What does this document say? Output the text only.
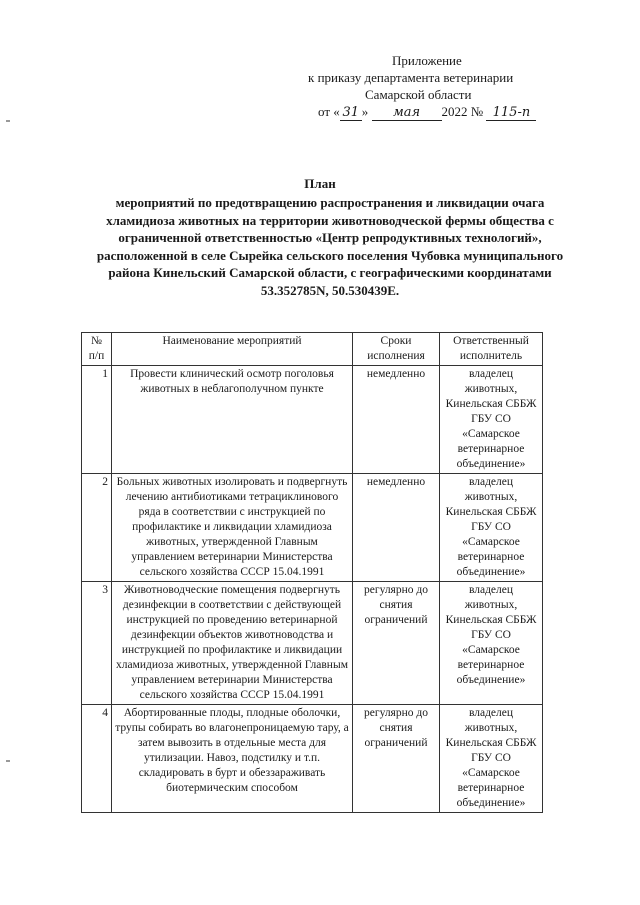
Приложение
к приказу департамента ветеринарии
Самарской области
от « 31 » мая 2022 № 115-п
План
мероприятий по предотвращению распространения и ликвидации очага хламидиоза животных на территории животноводческой фермы общества с ограниченной ответственностью «Центр репродуктивных технологий», расположенной в селе Сырейка сельского поселения Чубовка муниципального района Кинельский Самарской области, с географическими координатами 53.352785N, 50.530439E.
№ п/п	Наименование мероприятий	Сроки исполнения	Ответственный исполнитель
1	Провести клинический осмотр поголовья животных в неблагополучном пункте	немедленно	владелец животных, Кинельская СББЖ ГБУ СО «Самарское ветеринарное объединение»
2	Больных животных изолировать и подвергнуть лечению антибиотиками тетрациклинового ряда в соответствии с инструкцией по профилактике и ликвидации хламидиоза животных, утвержденной Главным управлением ветеринарии Министерства сельского хозяйства СССР 15.04.1991	немедленно	владелец животных, Кинельская СББЖ ГБУ СО «Самарское ветеринарное объединение»
3	Животноводческие помещения подвергнуть дезинфекции в соответствии с действующей инструкцией по проведению ветеринарной дезинфекции объектов животноводства и инструкцией по профилактике и ликвидации хламидиоза животных, утвержденной Главным управлением ветеринарии Министерства сельского хозяйства СССР 15.04.1991	регулярно до снятия ограничений	владелец животных, Кинельская СББЖ ГБУ СО «Самарское ветеринарное объединение»
4	Абортированные плоды, плодные оболочки, трупы собирать во влагонепроницаемую тару, а затем вывозить в отдельные места для утилизации. Навоз, подстилку и т.п. складировать в бурт и обеззараживать биотермическим способом	регулярно до снятия ограничений	владелец животных, Кинельская СББЖ ГБУ СО «Самарское ветеринарное объединение»
